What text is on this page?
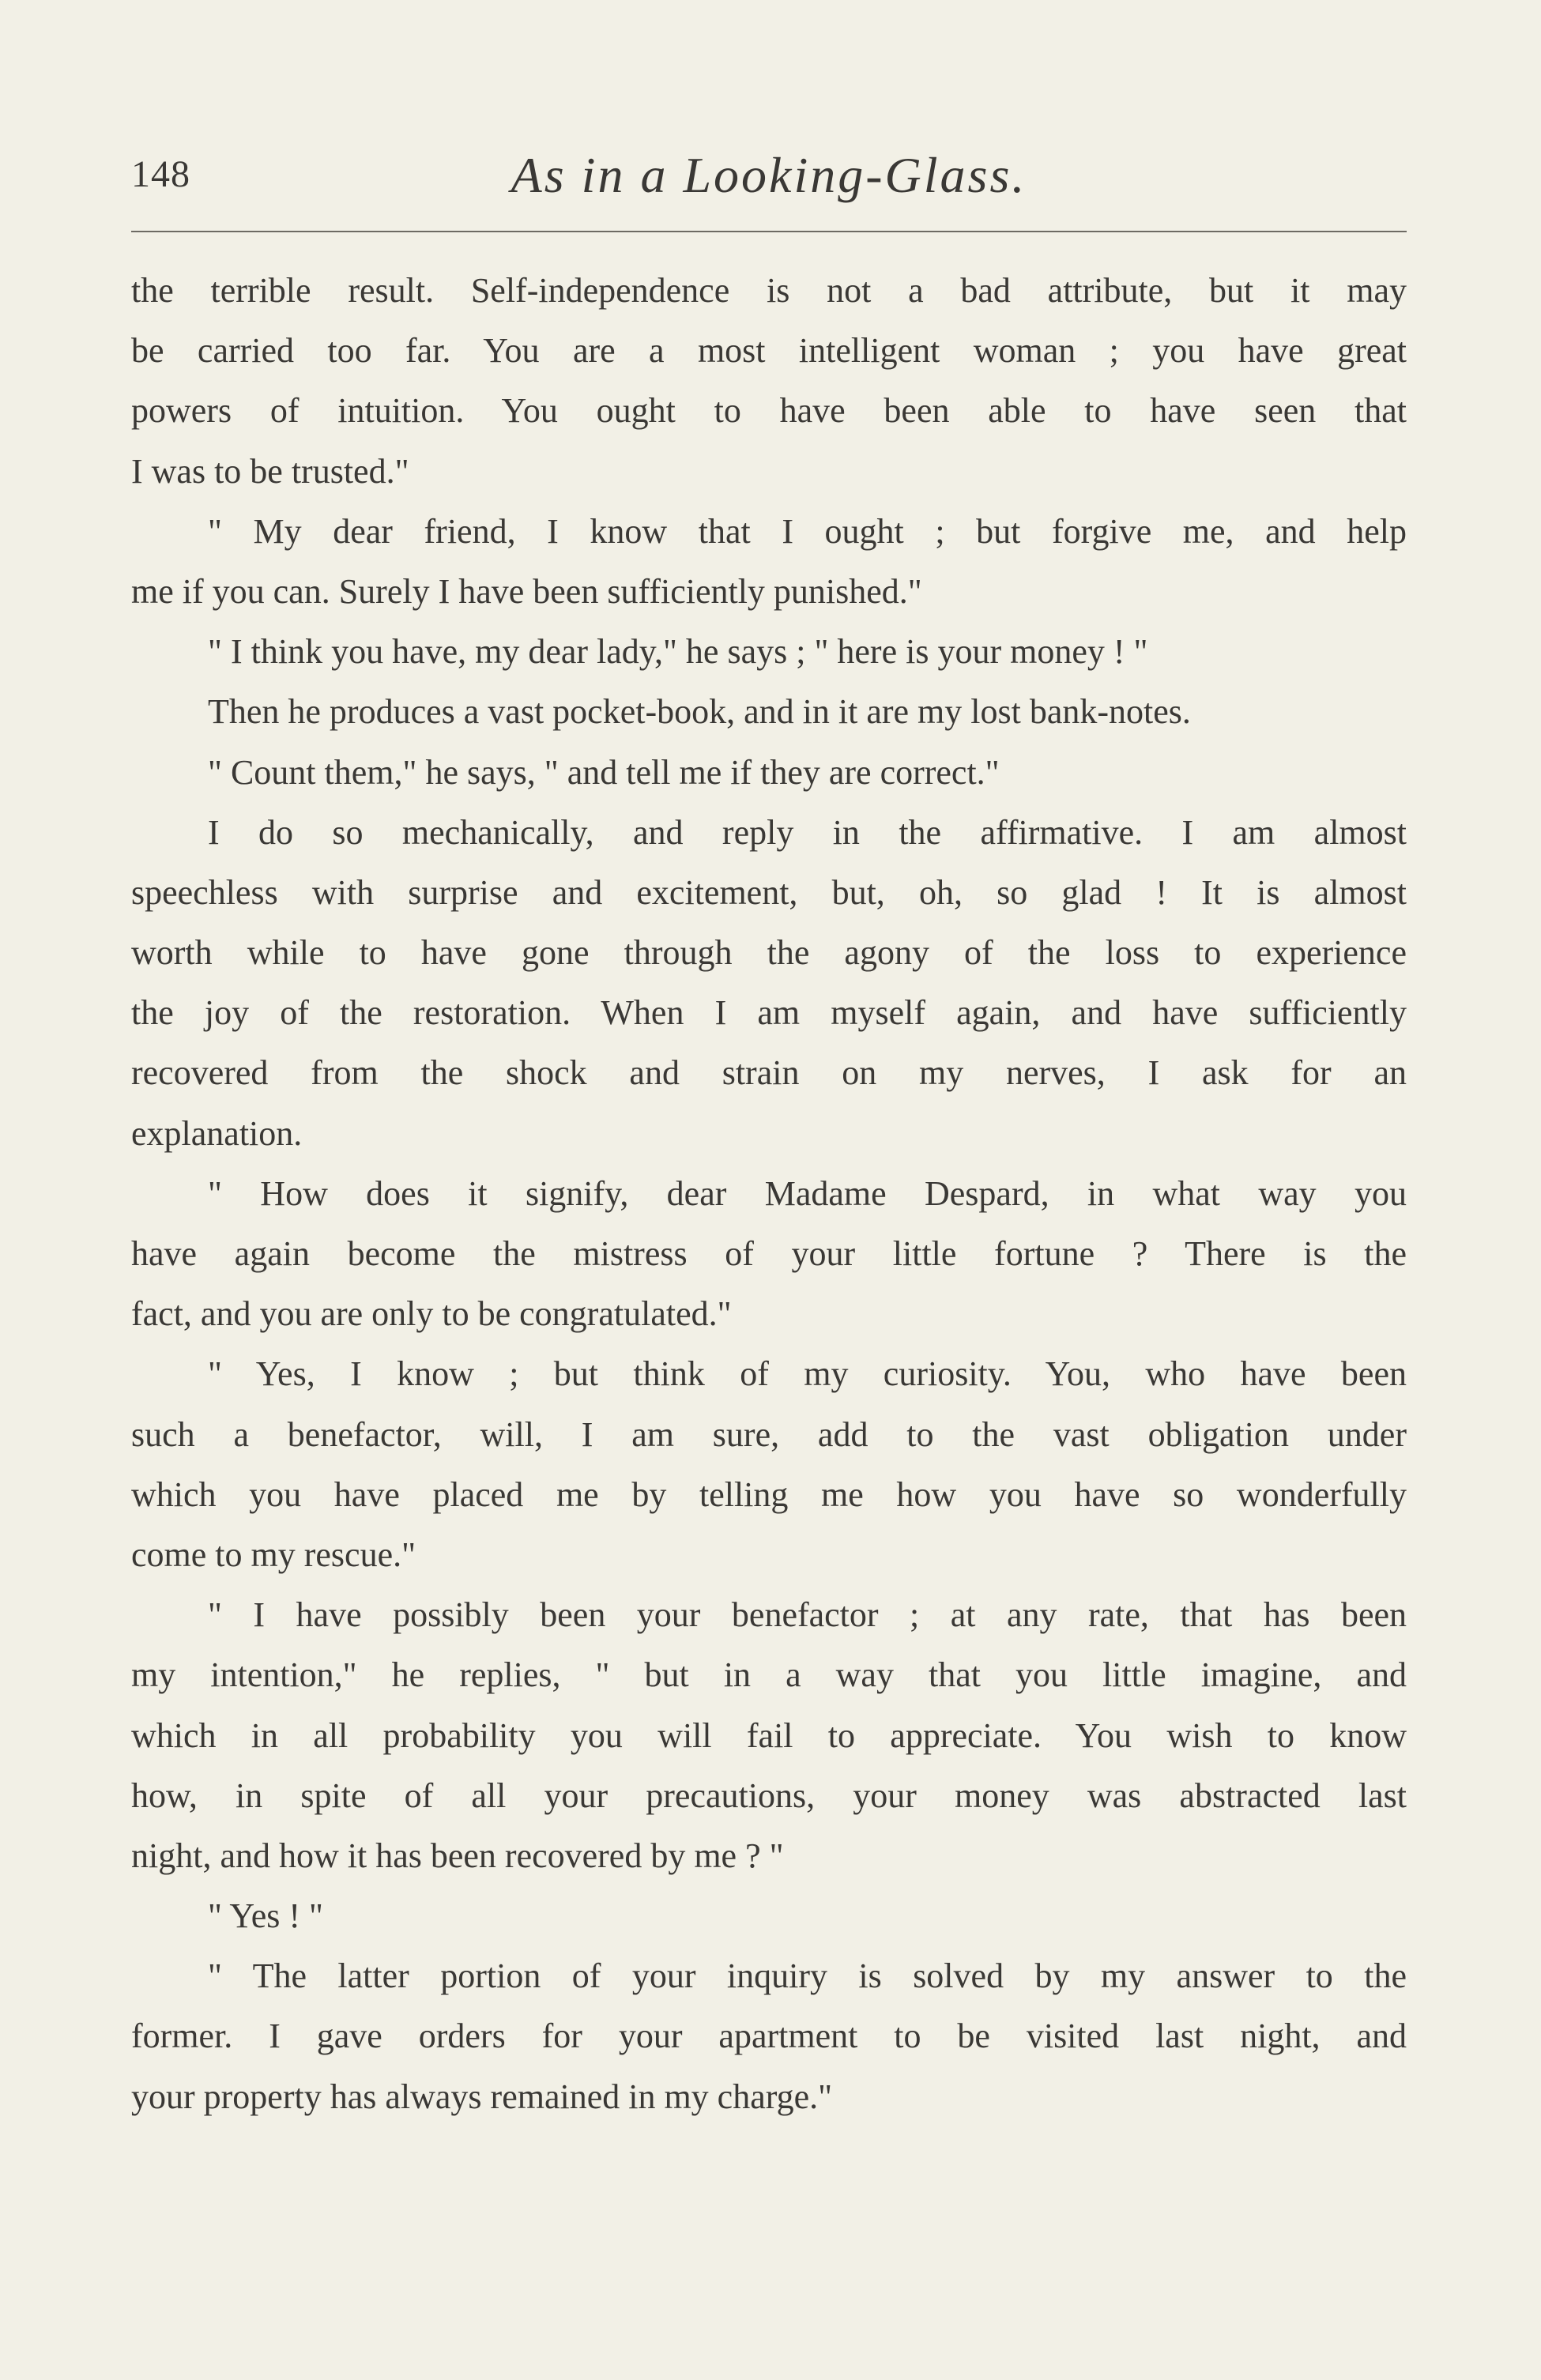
148	As in a Looking-Glass.
the terrible result. Self-independence is not a bad attribute, but it may
be carried too far. You are a most intelligent woman ; you have great
powers of intuition. You ought to have been able to have seen that
I was to be trusted."
" My dear friend, I know that I ought ; but forgive me, and help
me if you can. Surely I have been sufficiently punished."
" I think you have, my dear lady," he says ; " here is your money ! "
Then he produces a vast pocket-book, and in it are my lost bank-notes.
" Count them," he says, " and tell me if they are correct."
I do so mechanically, and reply in the affirmative. I am almost
speechless with surprise and excitement, but, oh, so glad ! It is almost
worth while to have gone through the agony of the loss to experience
the joy of the restoration. When I am myself again, and have sufficiently
recovered from the shock and strain on my nerves, I ask for an
explanation.
" How does it signify, dear Madame Despard, in what way you
have again become the mistress of your little fortune ? There is the
fact, and you are only to be congratulated."
" Yes, I know ; but think of my curiosity. You, who have been
such a benefactor, will, I am sure, add to the vast obligation under
which you have placed me by telling me how you have so wonderfully
come to my rescue."
" I have possibly been your benefactor ; at any rate, that has been
my intention," he replies, " but in a way that you little imagine, and
which in all probability you will fail to appreciate. You wish to know
how, in spite of all your precautions, your money was abstracted last
night, and how it has been recovered by me ? "
" Yes ! "
" The latter portion of your inquiry is solved by my answer to the
former. I gave orders for your apartment to be visited last night, and
your property has always remained in my charge."
